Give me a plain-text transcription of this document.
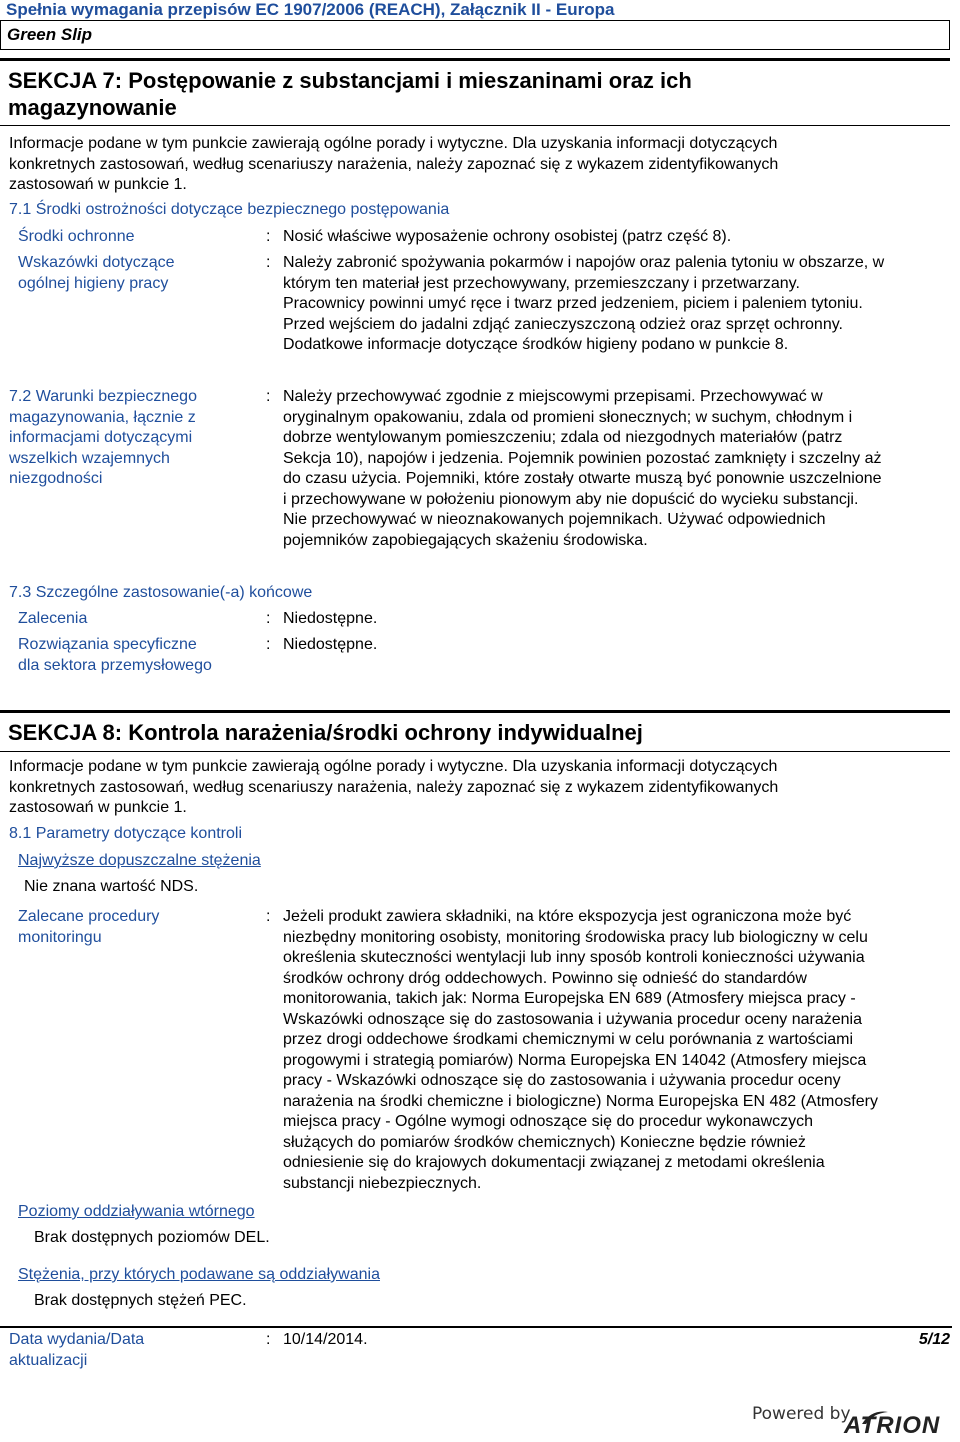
Spełnia wymagania przepisów EC 1907/2006 (REACH), Załącznik II - Europa
Green Slip
SEKCJA 7: Postępowanie z substancjami i mieszaninami oraz ich
magazynowanie
Informacje podane w tym punkcie zawierają ogólne porady i wytyczne. Dla uzyskania informacji dotyczących
konkretnych zastosowań, według scenariuszy narażenia, należy zapoznać się z wykazem zidentyfikowanych
zastosowań w punkcie 1.
7.1 Środki ostrożności dotyczące bezpiecznego postępowania
Środki ochronne	: Nosić właściwe wyposażenie ochrony osobistej (patrz część 8).
Wskazówki dotyczące
ogólnej higieny pracy
: Należy zabronić spożywania pokarmów i napojów oraz palenia tytoniu w obszarze, w
którym ten materiał jest przechowywany, przemieszczany i przetwarzany.
Pracownicy powinni umyć ręce i twarz przed jedzeniem, piciem i paleniem tytoniu.
Przed wejściem do jadalni zdjąć zanieczyszczoną odzież oraz sprzęt ochronny.
Dodatkowe informacje dotyczące środków higieny podano w punkcie 8.
7.2 Warunki bezpiecznego
magazynowania, łącznie z
informacjami dotyczącymi
wszelkich wzajemnych
niezgodności
: Należy przechowywać zgodnie z miejscowymi przepisami. Przechowywać w
oryginalnym opakowaniu, zdala od promieni słonecznych; w suchym, chłodnym i
dobrze wentylowanym pomieszczeniu; zdala od niezgodnych materiałów (patrz
Sekcja 10), napojów i jedzenia. Pojemnik powinien pozostać zamknięty i szczelny aż
do czasu użycia. Pojemniki, które zostały otwarte muszą być ponownie uszczelnione
i przechowywane w położeniu pionowym aby nie dopuścić do wycieku substancji.
Nie przechowywać w nieoznakowanych pojemnikach. Używać odpowiednich
pojemników zapobiegających skażeniu środowiska.
7.3 Szczególne zastosowanie(-a) końcowe
Zalecenia	: Niedostępne.
Rozwiązania specyficzne
dla sektora przemysłowego
: Niedostępne.
SEKCJA 8: Kontrola narażenia/środki ochrony indywidualnej
Informacje podane w tym punkcie zawierają ogólne porady i wytyczne. Dla uzyskania informacji dotyczących
konkretnych zastosowań, według scenariuszy narażenia, należy zapoznać się z wykazem zidentyfikowanych
zastosowań w punkcie 1.
8.1 Parametry dotyczące kontroli
Najwyższe dopuszczalne stężenia
Nie znana wartość NDS.
Zalecane procedury
monitoringu
: Jeżeli produkt zawiera składniki, na które ekspozycja jest ograniczona może być
niezbędny monitoring osobisty, monitoring środowiska pracy lub biologiczny w celu
określenia skuteczności wentylacji lub inny sposób kontroli konieczności używania
środków ochrony dróg oddechowych. Powinno się odnieść do standardów
monitorowania, takich jak: Norma Europejska EN 689 (Atmosfery miejsca pracy -
Wskazówki odnoszące się do zastosowania i używania procedur oceny narażenia
przez drogi oddechowe środkami chemicznymi w celu porównania z wartościami
progowymi i strategią pomiarów) Norma Europejska EN 14042 (Atmosfery miejsca
pracy - Wskazówki odnoszące się do zastosowania i używania procedur oceny
narażenia na środki chemiczne i biologiczne) Norma Europejska EN 482 (Atmosfery
miejsca pracy - Ogólne wymogi odnoszące się do procedur wykonawczych
służących do pomiarów środków chemicznych) Konieczne będzie również
odniesienie się do krajowych dokumentacji związanej z metodami określenia
substancji niebezpiecznych.
Poziomy oddziaływania wtórnego
Brak dostępnych poziomów DEL.
Stężenia, przy których podawane są oddziaływania
Brak dostępnych stężeń PEC.
Data wydania/Data
aktualizacji
: 10/14/2014.	5/12
Powered by
ATRION
